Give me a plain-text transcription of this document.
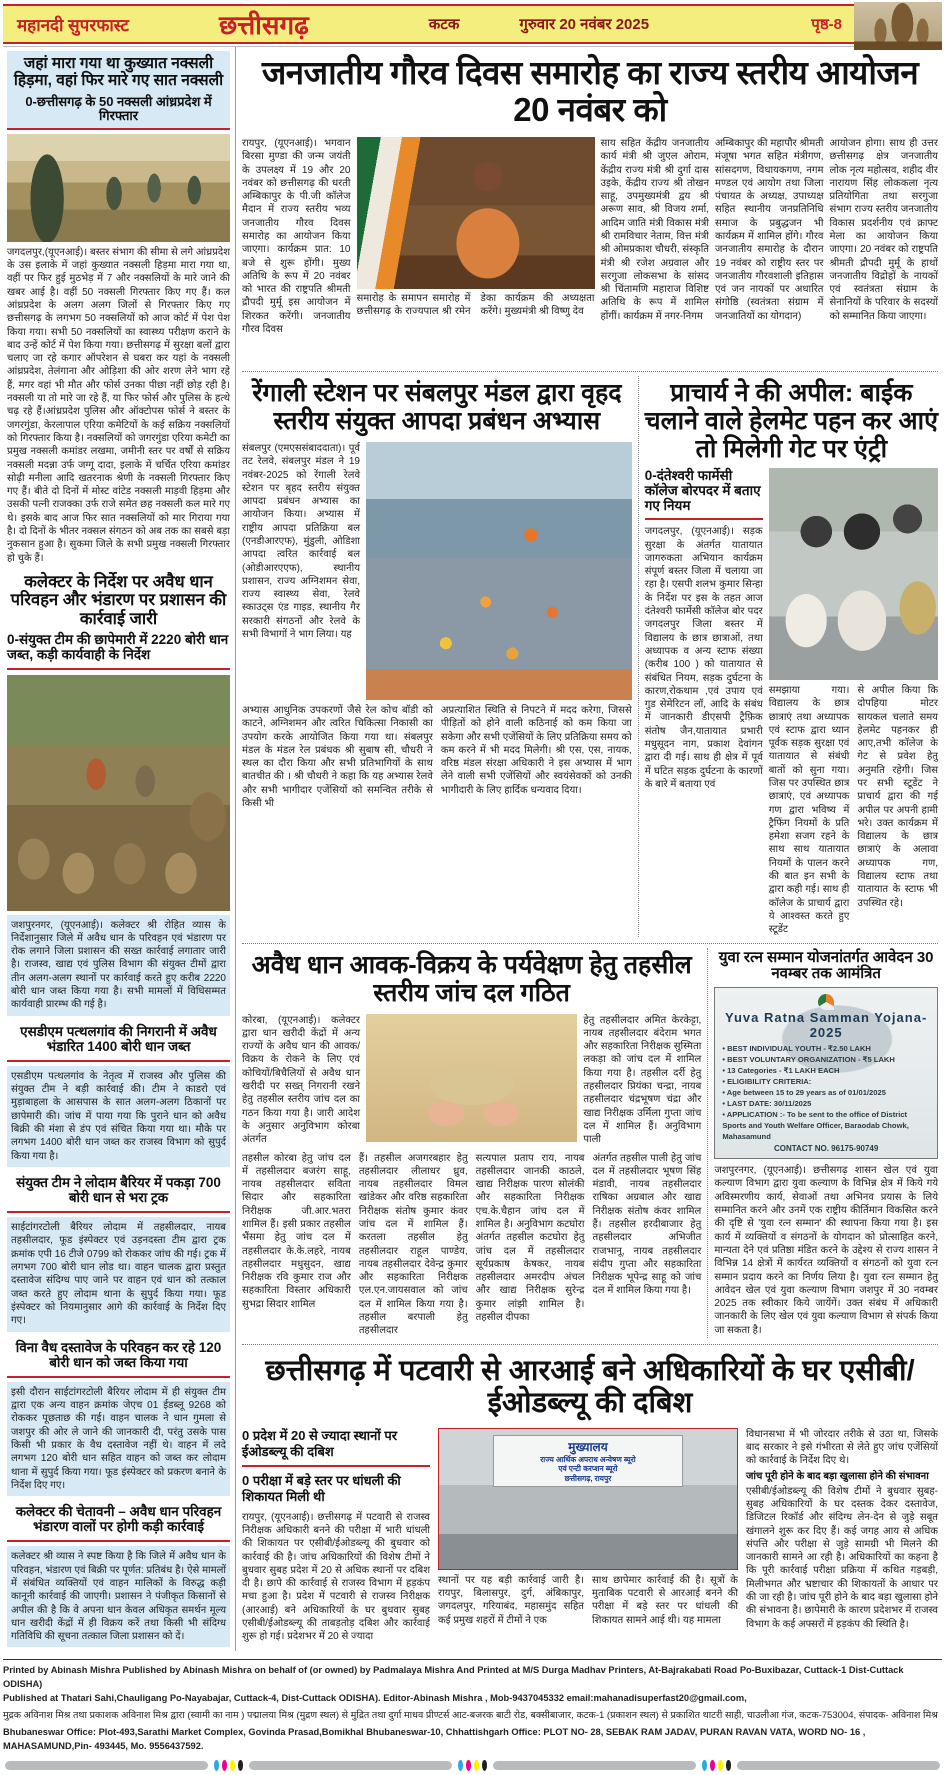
महानदी सुपरफास्ट	छत्तीसगढ़	कटक	गुरुवार 20 नवंबर 2025	पृष्ठ-8
जहां मारा गया था कुख्यात नक्सली हिड़मा, वहां फिर मारे गए सात नक्सली
0-छत्तीसगढ़ के 50 नक्सली आंध्रप्रदेश में गिरफ्तार

जगदलपुर,(यूएनआई)। बस्तर संभाग की सीमा से लगे आंध्रप्रदेश के उस इलाके में जहां कुख्यात नक्सली हिड़मा मारा गया था, वहीं पर फिर हुई मुठभेड़ में 7 और नक्सलियों के मारे जाने की खबर आई है। वहीं 50 नक्सली गिरफ्तार किए गए हैं। कल आंध्रप्रदेश के अलग अलग जिलों से गिरफ्तार किए गए छत्तीसगढ़ के लगभग 50 नक्सलियों को आज कोर्ट में पेश पेश किया गया। सभी 50 नक्सलियों का स्वास्थ्य परीक्षण कराने के बाद उन्हें कोर्ट में पेश किया गया। छत्तीसगढ़ में सुरक्षा बलों द्वारा चलाए जा रहे कगार ऑपरेशन से घबरा कर यहां के नक्सली आंध्रप्रदेश, तेलंगाना और ओड़िशा की ओर शरण लेने भाग रहे हैं, मगर वहां भी मौत और फोर्स उनका पीछा नहीं छोड़ रही है। नक्सली या तो मारे जा रहे हैं, या फिर फोर्स और पुलिस के हत्थे चढ़ रहे हैं।आंध्रप्रदेश पुलिस और ऑक्टोपस फोर्स ने बस्तर के जगरगुंडा, केरलापाल एरिया कमेटियों के कई सक्रिय नक्सलियों को गिरफ्तार किया है। नक्सलियों को जगरगुंडा एरिया कमेटी का प्रमुख नक्सली कमांडर लखमा, जमीनी स्तर पर वर्षों से सक्रिय नक्सली मदन्ना उर्फ जग्गू दादा, इलाके में चर्चित एरिया कमांडर सोढ़ी मनीला आदि खतरनाक श्रेणी के नक्सली गिरफ्तार किए गए हैं। बीते दो दिनों में मोस्ट वांटेड नक्सली माड़वी हिड़मा और उसकी पत्नी राजक्का उर्फ राजे समेत छह नक्सली कल मारे गए थे। इसके बाद आज फिर सात नक्सलियों को मार गिराया गया है। दो दिनों के भीतर नक्सल संगठन को अब तक का सबसे बड़ा नुकसान हुआ है। सुकमा जिले के सभी प्रमुख नक्सली गिरफ्तार हो चुके हैं।

कलेक्टर के निर्देश पर अवैध धान परिवहन और भंडारण पर प्रशासन की कार्रवाई जारी
0-संयुक्त टीम की छापेमारी में 2220 बोरी धान जब्त, कड़ी कार्यवाही के निर्देश

जशपुरनगर, (यूएनआई)। कलेक्टर श्री रोहित व्यास के निर्देशानुसार जिले में अवैध धान के परिवहन एवं भंडारण पर रोक लगाने जिला प्रशासन की सख्त कार्रवाई लगातार जारी है। राजस्व, खाद्य एवं पुलिस विभाग की संयुक्त टीमों द्वारा तीन अलग-अलग स्थानों पर कार्रवाई करते हुए करीब 2220 बोरी धान जब्त किया गया है। सभी मामलों में विधिसम्मत कार्यवाही प्रारम्भ की गई है।

एसडीएम पत्थलगांव की निगरानी में अवैध भंडारित 1400 बोरी धान जब्त

एसडीएम पत्थलगांव के नेतृत्व में राजस्व और पुलिस की संयुक्त टीम ने बड़ी कार्रवाई की। टीम ने काडरो एवं मुड़ाबाहला के आसपास के सात अलग-अलग ठिकानों पर छापेमारी की। जांच में पाया गया कि पुराने धान को अवैध बिक्री की मंशा से डंप एवं संचित किया गया था। मौके पर लगभग 1400 बोरी धान जब्त कर राजस्व विभाग को सुपुर्द किया गया है।

संयुक्त टीम ने लोदाम बैरियर में पकड़ा 700 बोरी धान से भरा ट्रक

साईटांगरटोली बैरियर लोदाम में तहसीलदार, नायब तहसीलदार, फूड इंस्पेक्टर एवं उड़नदस्ता टीम द्वारा ट्रक क्रमांक एपी 16 टीजे 0799 को रोककर जांच की गई। ट्रक में लगभग 700 बोरी धान लोड था। वाहन चालक द्वारा प्रस्तुत दस्तावेज संदिग्ध पाए जाने पर वाहन एवं धान को तत्काल जब्त करते हुए लोदाम थाना के सुपुर्द किया गया। फूड इंस्पेक्टर को नियमानुसार आगे की कार्रवाई के निर्देश दिए गए।

विना वैध दस्तावेज के परिवहन कर रहे 120 बोरी धान को जब्त किया गया

इसी दौरान साईटांगरटोली बैरियर लोदाम में ही संयुक्त टीम द्वारा एक अन्य वाहन क्रमांक जेएच 01 ईडब्लू 9268 को रोककर पूछताछ की गई। वाहन चालक ने धान गुमला से जशपुर की ओर ले जाने की जानकारी दी, परंतु उसके पास किसी भी प्रकार के वैध दस्तावेज नहीं थे। वाहन में लदे लगभग 120 बोरी धान सहित वाहन को जब्त कर लोदाम थाना में सुपुर्द किया गया। फूड इंस्पेक्टर को प्रकरण बनाने के निर्देश दिए गए।

कलेक्टर की चेतावनी – अवैध धान परिवहन भंडारण वालों पर होगी कड़ी कार्रवाई

कलेक्टर श्री व्यास ने स्पष्ट किया है कि जिले में अवैध धान के परिवहन, भंडारण एवं बिक्री पर पूर्णत: प्रतिबंध है। ऐसे मामलों में संबंधित व्यक्तियों एवं वाहन मालिकों के विरुद्ध कड़ी कानूनी कार्रवाई की जाएगी। प्रशासन ने पंजीकृत किसानों से अपील की है कि वे अपना धान केवल अधिकृत समर्थन मूल्य धान खरीदी केंद्रों में ही विक्रय करें तथा किसी भी संदिग्ध गतिविधि की सूचना तत्काल जिला प्रशासन को दें।

जनजातीय गौरव दिवस समारोह का राज्य स्तरीय आयोजन 20 नवंबर को
रायपुर, (यूएनआई)। भगवान बिरसा मुण्डा की जन्म जयंती के उपलक्ष्य में 19 और 20 नवंबर को छत्तीसगढ़ की धरती अम्बिकापुर के पी.जी कॉलेज मैदान में राज्य स्तरीय भव्य जनजातीय गौरव दिवस समारोह का आयोजन किया जाएगा। कार्यक्रम प्रात: 10 बजे से शुरू होंगी। मुख्य अतिथि के रूप में 20 नवंबर को भारत की राष्ट्रपति श्रीमती द्रौपदी मुर्मू इस आयोजन में शिरकत करेंगी। जनजातीय गौरव दिवस
समारोह के समापन समारोह में छत्तीसगढ़ के राज्यपाल श्री रमेन डेका कार्यक्रम की अध्यक्षता करेंगे। मुख्यमंत्री श्री विष्णु देव
साय सहित केंद्रीय जनजातीय कार्य मंत्री श्री जुएल ओराम, केंद्रीय राज्य मंत्री श्री दुर्गा दास उइके, केंद्रीय राज्य श्री तोखन साहू, उपमुख्यमंत्री द्वय श्री अरूण साव, श्री विजय शर्मा, आदिम जाति मंत्री विकास मंत्री श्री रामविचार नेताम, वित्त मंत्री श्री ओमप्रकाश चौधरी, संस्कृति मंत्री श्री रजेश अग्रवाल और सरगुजा लोकसभा के सांसद श्री चिंतामणि महाराज विशिष्ट अतिथि के रूप में शामिल होंगीं। कार्यक्रम में नगर-निगम
अम्बिकापुर की महापौर श्रीमती मंजूषा भगत सहित मंत्रीगण, सांसदगण, विधायकगण, नगम मण्डल एवं आयोग तथा जिला पंचायत के अध्यक्ष, उपाध्यक्ष सहित स्थानीय जनप्रतिनिधि समाज के प्रबुद्धजन भी कार्यक्रम में शामिल होंगे। गौरव जनजातीय समारोह के दौरान 19 नवंबर को राष्ट्रीय स्तर पर जनजातीय गौरवशाली इतिहास एवं जन नायकों पर अधारित संगोष्ठि (स्वतंत्रता संग्राम में जनजातियों का योगदान)
आयोजन होगा। साथ ही उत्तर छत्तीसगढ़ क्षेत्र जनजातीय लोक नृत्य महोत्सव, शहीद वीर नारायण सिंह लोककला नृत्य प्रतियोगिता तथा सरगुजा संभाग राज्य स्तरीय जनजातीय विकास प्रदर्शनीय एवं क्राफ्ट मेला का आयोजन किया जाएगा। 20 नवंबर को राष्ट्रपति श्रीमती द्रौपदी मुर्मू के हाथों जनजातीय विद्रोहों के नायकों एवं स्वतंत्रता संग्राम के सेनानियों के परिवार के सदस्यों को सम्मानित किया जाएगा।
रेंगाली स्टेशन पर संबलपुर मंडल द्वारा वृहद स्तरीय संयुक्त आपदा प्रबंधन अभ्यास
संबलपुर (एमएससंबाददाता)। पूर्व तट रेलवे, संबलपुर मंडल ने 19 नवंबर-2025 को रेंगाली रेलवे स्टेशन पर बृहद स्तरीय संयुक्त आपदा प्रबंधन अभ्यास का आयोजन किया। अभ्यास में राष्ट्रीय आपदा प्रतिक्रिया बल (एनडीआरएफ), मुंडुली, ओडिशा आपदा त्वरित कार्रवाई बल (ओडीआरएएफ), स्थानीय प्रशासन, राज्य अग्निशमन सेवा, राज्य स्वास्थ्य सेवा, रेलवे स्काउट्स एंड गाइड, स्थानीय गैर सरकारी संगठनों और रेलवे के सभी विभागों ने भाग लिया। यह
अभ्यास आधुनिक उपकरणों जैसे रेल कोच बॉडी को काटने, अग्निशमन और त्वरित चिकित्सा निकासी का उपयोग करके आयोजित किया गया था। संबलपुर मंडल के मंडल रेल प्रबंधक श्री सुबाष सी, चौधरी ने स्थल का दौरा किया और सभी प्रतिभागियों के साथ बातचीत की । श्री चौधरी ने कहा कि यह अभ्यास रेलवे और सभी भागीदार एजेंसियों को समन्वित तरीके से किसी भी
अप्रत्याशित स्थिति से निपटने में मदद करेगा, जिससे पीड़ितों को होने वाली कठिनाई को कम किया जा सकेगा और सभी एजेंसियों के लिए प्रतिक्रिया समय को कम करने में भी मदद मिलेगी। श्री एस, एस, नायक, वरिष्ठ मंडल संरक्षा अधिकारी ने इस अभ्यास में भाग लेने वाली सभी एजेंसियों और स्वयंसेवकों को उनकी भागीदारी के लिए हार्दिक धन्यवाद दिया।
प्राचार्य ने की अपील: बाईक चलाने वाले हेलमेट पहन कर आएं तो मिलेगी गेट पर एंट्री
0-दंतेश्वरी फार्मेसी कॉलेज बोरपदर में बताए गए नियम

जगदलपुर, (यूएनआई)। सड़क सुरक्षा के अंतर्गत यातायात जागरुकता अभियान कार्यक्रम संपूर्ण बस्तर जिला में चलाया जा रहा है। एसपी शलभ कुमार सिन्हा के निर्देश पर इस के तहत आज दंतेश्वरी फार्मेसी कॉलेज बोर पदर जगदलपुर जिला बस्तर में विद्यालय के छात्र छात्राओं, तथा अध्यापक व अन्य स्टाफ संख्या (करीब 100 ) को यातायात से संबंधित नियम, सड़क दुर्घटना के कारण,रोकथाम ,एवं उपाय एवं गुड सेमेरिटन लॉ, आदि के संबंध में जानकारी डीएसपी ट्रैफ़िक संतोष जैन,यातायात प्रभारी मधुसूदन नाग, प्रकाश देवांगन द्वारा दी गई। साथ ही क्षेत्र में पूर्व में घटित सड़क दुर्घटना के कारणों के बारे में बताया एवं

समझाया गया। विद्यालय के छात्र छात्राएं तथा अध्यापक एवं स्टाफ द्वारा ध्यान पूर्वक सड़क सुरक्षा एवं यातायात से संबंधी बातों को सुना गया। जिस पर उपस्थित छात्र छात्राएं, एवं अध्यापक गण द्वारा भविष्य में ट्रैफिंग नियमों के प्रति हमेशा सजग रहने के साथ साथ यातायात नियमों के पालन करने की बात इन सभी के द्वारा कही गई। साथ ही कॉलेज के प्राचार्य द्वारा ये आश्वस्त करते हुए स्टूडेंट
से अपील किया कि दोपहिया मोटर सायकल चलाते समय हेलमेट पहनकर ही आए,तभी कॉलेज के गेट से प्रवेश हेतु अनुमति रहेगी। जिस पर सभी स्टूडेंट ने प्राचार्य द्वारा की गई अपील पर अपनी हामी भरे। उक्त कार्यक्रम में विद्यालय के छात्र छात्राएं के अलावा अध्यापक गण, विद्यालय स्टाफ तथा यातायात के स्टाफ भी उपस्थित रहे।
अवैध धान आवक-विक्रय के पर्यवेक्षण हेतु तहसील स्तरीय जांच दल गठित
कोरबा, (यूएनआई)। कलेक्टर द्वारा धान खरीदी केंद्रों में अन्य राज्यों के अवैध धान की आवक/विक्रय के रोकने के लिए एवं कोचियों/बिचैलियों से अवैध धान खरीदी पर सख्त् निगरानी रखने हेतु तहसील स्तरीय जांच दल का गठन किया गया है। जारी आदेश के अनुसार अनुविभाग कोरबा अंतर्गत
हेतु तहसीलदार अमित केरकेट्टा, नायब तहसीलदार बंदेराम भगत और सहकारिता निरीक्षक सुस्मिता लकड़ा को जांच दल में शामिल किया गया है। तहसील दर्री हेतु तहसीलदार प्रियंका चन्द्रा, नायब तहसीलदार चंद्रभूषण चंद्रा और खाद्य निरीक्षक उर्मिला गुप्ता जांच दल में शामिल हैं। अनुविभाग पाली
तहसील कोरबा हेतु जांच दल में तहसीलदार बजरंग साहू, नायब तहसीलदार सविता सिदार और सहकारिता निरीक्षक जी.आर.भतरा शामिल हैं। इसी प्रकार तहसील भैंसमा हेतु जांच दल में तहसीलदार के.के.लहरे, नायब तहसीलदार मधुसुदन, खाद्य निरीक्षक रवि कुमार राज और सहकारिता विस्तार अधिकारी सुभद्रा सिदार शामिल
हैं। तहसील अजगरबहार हेतु तहसीलदार लीलाधर ध्रुव, नायब तहसीलदार विमल खांडेकर और वरिष्ठ सहकारिता निरीक्षक संतोष कुमार कंवर जांच दल में शामिल हैं। करतला तहसील हेतु तहसीलदार राहूल पाण्डेय, नायब तहसीलदार देवेन्द्र कुमार और सहकारिता निरीक्षक एल.एन.जायसवाल को जांच दल में शामिल किया गया है।तहसील बरपाली हेतु तहसीलदार
सत्यपाल प्रताप राय, नायब तहसीलदार जानकी काठले, खाद्य निरीक्षक पारण सोलंकी और सहकारिता निरीक्षक एच.के.चैहान जांच दल में शामिल है। अनुविभाग कटघोरा अंतर्गत तहसील कटघोरा हेतु जांच दल में तहसीलदार सूर्यप्रकाष केषकर, नायब तहसीलदार अमरदीप अंचल और खाद्य निरीक्षक सुरेन्द्र कुमार लांझी शामिल है।तहसील दीपका
अंतर्गत तहसील पाली हेतु जांच दल में तहसीलदार भूषण सिंह मंडावी, नायब तहसीलदार राषिका अग्रबाल और खाद्य निरीक्षक संतोष कंवर शामिल हैं। तहसील हरदीबाजार हेतु तहसीलदार अभिजीत राजभानू, नायब तहसीलदार संदीप गुप्ता और सहकारिता निरीक्षक भूपेन्द्र साहू को जांच दल में शामिल किया गया है।
युवा रत्न सम्मान योजनांतर्गत आवेदन 30 नवम्बर तक आमंत्रित
Yuva Ratna Samman Yojana-2025
• BEST INDIVIDUAL YOUTH - ₹2.50 LAKH
• BEST VOLUNTARY ORGANIZATION - ₹5 LAKH
• 13 Categories - ₹1 LAKH EACH
• ELIGIBILITY CRITERIA:
• Age between 15 to 29 years as of 01/01/2025
• LAST DATE: 30/11/2025
• APPLICATION :- To be sent to the office of District Sports and Youth Welfare Officer, Baraodab Chowk, Mahasamund
CONTACT NO. 96175-90749

जशपुरनगर, (यूएनआई)। छत्तीसगढ़ शासन खेल एवं युवा कल्याण विभाग द्वारा युवा कल्याण के विभिन्न क्षेत्र में किये गये अविस्मरणीय कार्य, सेवाओं तथा अभिनव प्रयास के लिये सम्मानित करने और उनमें एक राष्ट्रीय कीर्तिमान विकसित करने की दृष्टि से 'युवा रत्न सम्मान' की स्थापना किया गया है। इस कार्य में व्यक्तियों व संगठनों के योगदान को प्रोत्साहित करने, मान्यता देने एवं प्रतिष्ठा मंडित करने के उद्देश्य से राज्य शासन ने विभिन्न 14 क्षेत्रों में कार्यरत व्यक्तियों व संगठनों को युवा रत्न सम्मान प्रदाय करने का निर्णय लिया है। युवा रत्न सम्मान हेतु आवेदन खेल एवं युवा कल्याण विभाग जशपुर में 30 नवम्बर 2025 तक स्वीकार किये जायेंगें। उक्त संबंध में अधिकारी जानकारी के लिए खेल एवं युवा कल्याण विभाग से संपर्क किया जा सकता है।

छत्तीसगढ़ में पटवारी से आरआई बने अधिकारियों के घर एसीबी/ईओडब्ल्यू की दबिश
0 प्रदेश में 20 से ज्यादा स्थानों पर ईओडब्ल्यू की दबिश
0 परीक्षा में बड़े स्तर पर धांधली की शिकायत मिली थी

रायपुर, (यूएनआई)। छत्तीसगढ़ में पटवारी से राजस्व निरीक्षक अधिकारी बनने की परीक्षा में भारी धांधली की शिकायत पर एसीबी/ईओडब्ल्यू की बुधवार को कार्रवाई की है। जांच अधिकारियों की विशेष टीमों ने बुधवार सुबह प्रदेश में 20 से अधिक स्थानों पर दबिश दी है। छापे की कार्रवाई से राजस्व विभाग में हड़कंप मचा हुआ है। प्रदेश में पटवारी से राजस्व निरीक्षक (आरआई) बने अधिकारियों के घर बुधवार सुबह एसीबी/ईओडब्ल्यू की ताबड़तोड़ दबिश और कार्रवाई शुरू हो गई। प्रदेशभर में 20 से ज्यादा

मुख्यालय
राज्य आर्थिक अपराध अन्वेषण ब्यूरो
एवं एन्टी करप्शन ब्यूरो
छत्तीसगढ़, रायपुर
स्थानों पर यह बड़ी कार्रवाई जारी है। रायपुर, बिलासपुर, दुर्ग, अंबिकापुर, जगदलपुर, गरियाबंद, महासमुंद सहित कई प्रमुख शहरों में टीमों ने एक
साथ छापेमार कार्रवाई की है। सूत्रों के मुताबिक पटवारी से आरआई बनने की परीक्षा में बड़े स्तर पर धांधली की शिकायत सामने आई थी। यह मामला

विधानसभा में भी जोरदार तरीके से उठा था, जिसके बाद सरकार ने इसे गंभीरता से लेते हुए जांच एजेंसियों को कार्रवाई के निर्देश दिए थे।

जांच पूरी होने के बाद बड़ा खुलासा होने की संभावना

एसीबी/ईओडब्ल्यू की विशेष टीमों ने बुधवार सुबह-सुबह अधिकारियों के घर दस्तक देकर दस्तावेज, डिजिटल रिकॉर्ड और संदिग्ध लेन-देन से जुड़े सबूत खंगालने शुरू कर दिए हैं। कई जगह आय से अधिक संपत्ति और परीक्षा से जुड़े सामग्री भी मिलने की जानकारी सामने आ रही है। अधिकारियों का कहना है कि पूरी कार्रवाई परीक्षा प्रक्रिया में कथित गड़बड़ी, मिलीभगत और भ्रष्टाचार की शिकायतों के आधार पर की जा रही है। जांच पूरी होने के बाद बड़ा खुलासा होने की संभावना है। छापेमारी के कारण प्रदेशभर में राजस्व विभाग के कई अफ्सरों में हड़कंप की स्थिति है।

Printed by Abinash Mishra Published by Abinash Mishra on behalf of (or owned) by Padmalaya Mishra And Printed at M/S Durga Madhav Printers, At-Bajrakabati Road Po-Buxibazar, Cuttack-1 Dist-Cuttack ODISHA)
Published at Thatari Sahi,Chauligang Po-Nayabajar, Cuttack-4, Dist-Cuttack ODISHA). Editor-Abinash Mishra , Mob-9437045332 email:mahanadisuperfast20@gmail.com,
मुद्रक अविनाश मिश्र तथा प्रकाशक अविनाश मिश्र द्वारा (स्वामी का नाम ) पद्मालया मिश्र (मुद्रण स्थल) से मुद्रित तथा दुर्गा माधव प्रीण्टर्स आट-बजरक बाटी रोड, बक्सीबाजार, कटक-1 (प्रकाशन स्थल) से प्रकाशित थाटरी साही, चाउलीआ गंज, कटक-753004, संपादक- अविनाश मिश्र
Bhubaneswar Office: Plot-493,Sarathi Market Complex, Govinda Prasad,Bomikhal Bhubaneswar-10, Chhattishgarh Office: PLOT NO- 28, SEBAK RAM JADAV, PURAN RAVAN VATA, WORD NO- 16 , MAHASAMUND,Pin- 493445, Mo. 9556437592.
